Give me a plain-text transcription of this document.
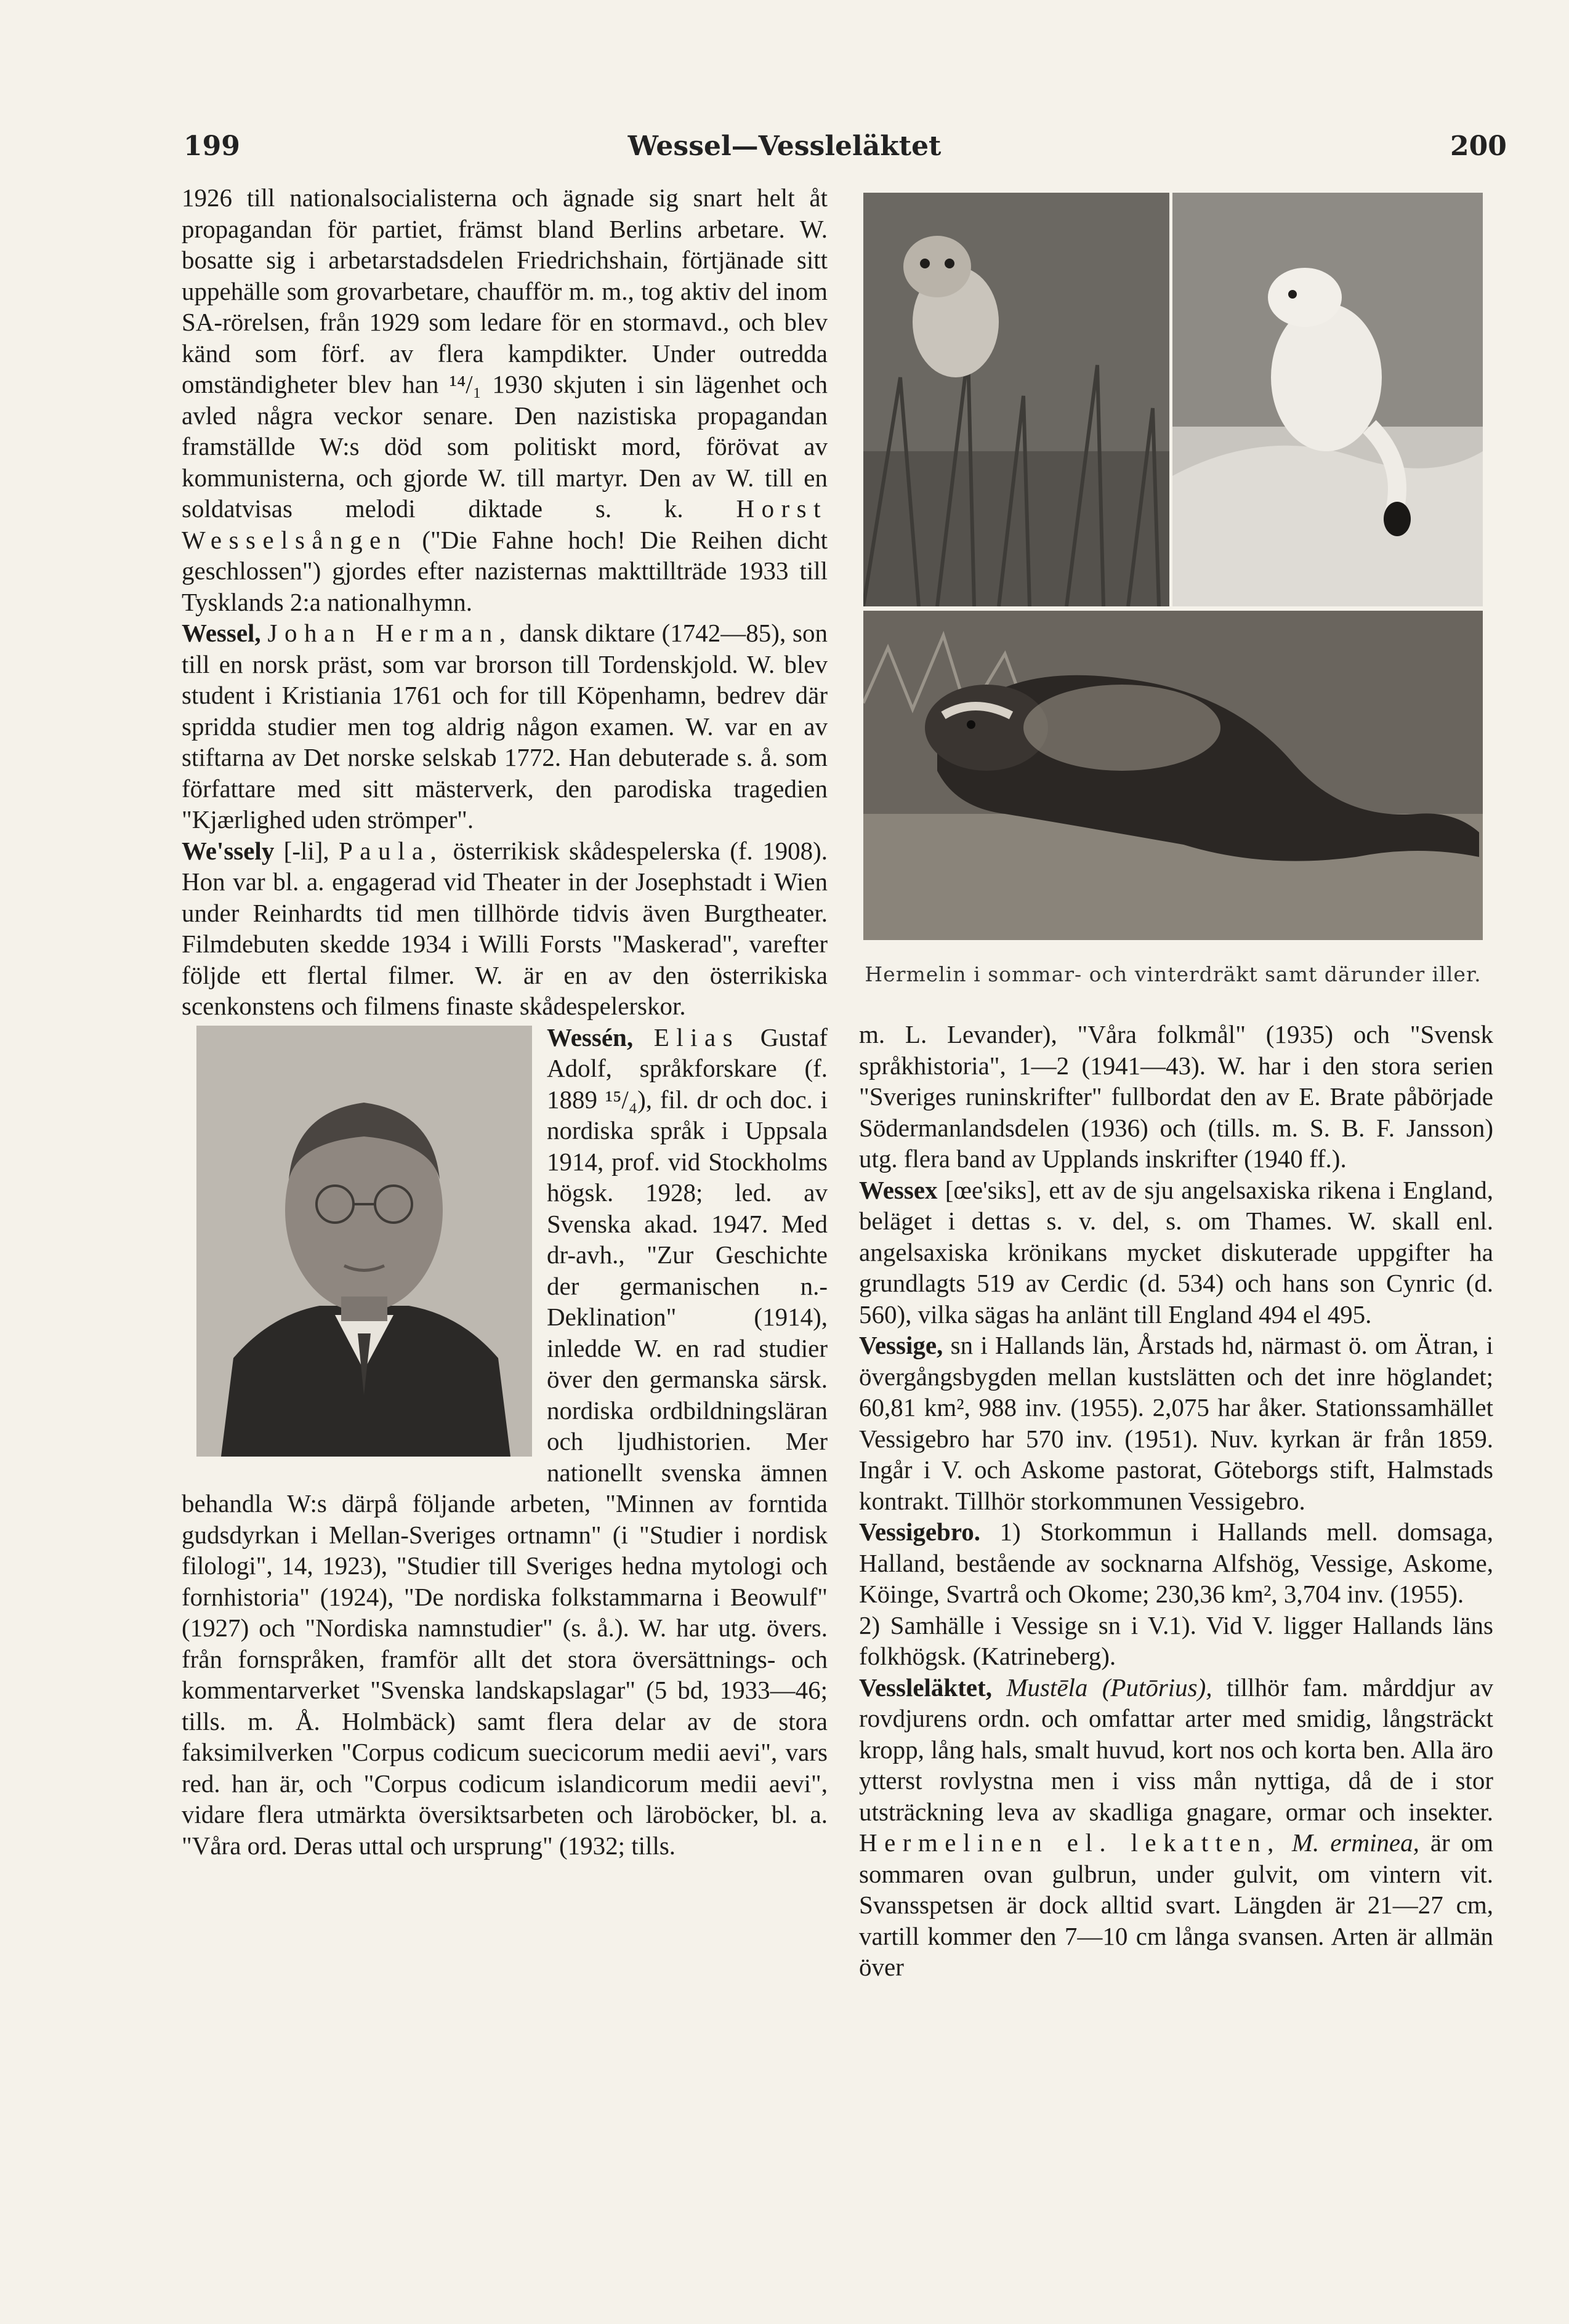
199	Wessel—Vessleläktet	200

1926 till nationalsocialisterna och ägnade sig snart helt åt propagandan för partiet, främst bland Berlins arbetare. W. bosatte sig i arbetarstadsdelen Friedrichshain, förtjänade sitt uppehälle som grovarbetare, chaufför m. m., tog aktiv del inom SA-rörelsen, från 1929 som ledare för en stormavd., och blev känd som förf. av flera kampdikter. Under outredda omständigheter blev han ¹⁴/₁ 1930 skjuten i sin lägenhet och avled några veckor senare. Den nazistiska propagandan framställde W:s död som politiskt mord, förövat av kommunisterna, och gjorde W. till martyr. Den av W. till en soldatvisas melodi diktade s. k. Horst Wesselsången ("Die Fahne hoch! Die Reihen dicht geschlossen") gjordes efter nazisternas makttillträde 1933 till Tysklands 2:a nationalhymn.

Wessel, Johan Herman, dansk diktare (1742—85), son till en norsk präst, som var brorson till Tordenskjold. W. blev student i Kristiania 1761 och for till Köpenhamn, bedrev där spridda studier men tog aldrig någon examen. W. var en av stiftarna av Det norske selskab 1772. Han debuterade s. å. som författare med sitt mästerverk, den parodiska tragedien "Kjærlighed uden strömper".

We'ssely [-li], Paula, österrikisk skådespelerska (f. 1908). Hon var bl. a. engagerad vid Theater in der Josephstadt i Wien under Reinhardts tid men tillhörde tidvis även Burgtheater. Filmdebuten skedde 1934 i Willi Forsts "Maskerad", varefter följde ett flertal filmer. W. är en av den österrikiska scenkonstens och filmens finaste skådespelerskor.

Wessén, Elias Gustaf Adolf, språkforskare (f. 1889 ¹⁵/₄), fil. dr och doc. i nordiska språk i Uppsala 1914, prof. vid Stockholms högsk. 1928; led. av Svenska akad. 1947. Med dr-avh., "Zur Geschichte der germanischen n.-Deklination" (1914), inledde W. en rad studier över den germanska särsk. nordiska ordbildningsläran och ljudhistorien. Mer nationellt svenska ämnen behandla W:s därpå följande arbeten, "Minnen av forntida gudsdyrkan i Mellan-Sveriges ortnamn" (i "Studier i nordisk filologi", 14, 1923), "Studier till Sveriges hedna mytologi och fornhistoria" (1924), "De nordiska folkstammarna i Beowulf" (1927) och "Nordiska namnstudier" (s. å.). W. har utg. övers. från fornspråken, framför allt det stora översättnings- och kommentarverket "Svenska landskapslagar" (5 bd, 1933—46; tills. m. Å. Holmbäck) samt flera delar av de stora faksimilverken "Corpus codicum suecicorum medii aevi", vars red. han är, och "Corpus codicum islandicorum medii aevi", vidare flera utmärkta översiktsarbeten och läroböcker, bl. a. "Våra ord. Deras uttal och ursprung" (1932; tills.

Hermelin i sommar- och vinterdräkt samt därunder iller.

m. L. Levander), "Våra folkmål" (1935) och "Svensk språkhistoria", 1—2 (1941—43). W. har i den stora serien "Sveriges runinskrifter" fullbordat den av E. Brate påbörjade Södermanlandsdelen (1936) och (tills. m. S. B. F. Jansson) utg. flera band av Upplands inskrifter (1940 ff.).

Wessex [œe'siks], ett av de sju angelsaxiska rikena i England, beläget i dettas s. v. del, s. om Thames. W. skall enl. angelsaxiska krönikans mycket diskuterade uppgifter ha grundlagts 519 av Cerdic (d. 534) och hans son Cynric (d. 560), vilka sägas ha anlänt till England 494 el 495.

Vessige, sn i Hallands län, Årstads hd, närmast ö. om Ätran, i övergångsbygden mellan kustslätten och det inre höglandet; 60,81 km², 988 inv. (1955). 2,075 har åker. Stationssamhället Vessigebro har 570 inv. (1951). Nuv. kyrkan är från 1859. Ingår i V. och Askome pastorat, Göteborgs stift, Halmstads kontrakt. Tillhör storkommunen Vessigebro.

Vessigebro. 1) Storkommun i Hallands mell. domsaga, Halland, bestående av socknarna Alfshög, Vessige, Askome, Köinge, Svartrå och Okome; 230,36 km², 3,704 inv. (1955).

2) Samhälle i Vessige sn i V.1). Vid V. ligger Hallands läns folkhögsk. (Katrineberg).

Vessleläktet, Mustēla (Putōrius), tillhör fam. mårddjur av rovdjurens ordn. och omfattar arter med smidig, långsträckt kropp, lång hals, smalt huvud, kort nos och korta ben. Alla äro ytterst rovlystna men i viss mån nyttiga, då de i stor utsträckning leva av skadliga gnagare, ormar och insekter. Hermelinen el. lekatten, M. erminea, är om sommaren ovan gulbrun, under gulvit, om vintern vit. Svansspetsen är dock alltid svart. Längden är 21—27 cm, vartill kommer den 7—10 cm långa svansen. Arten är allmän över
